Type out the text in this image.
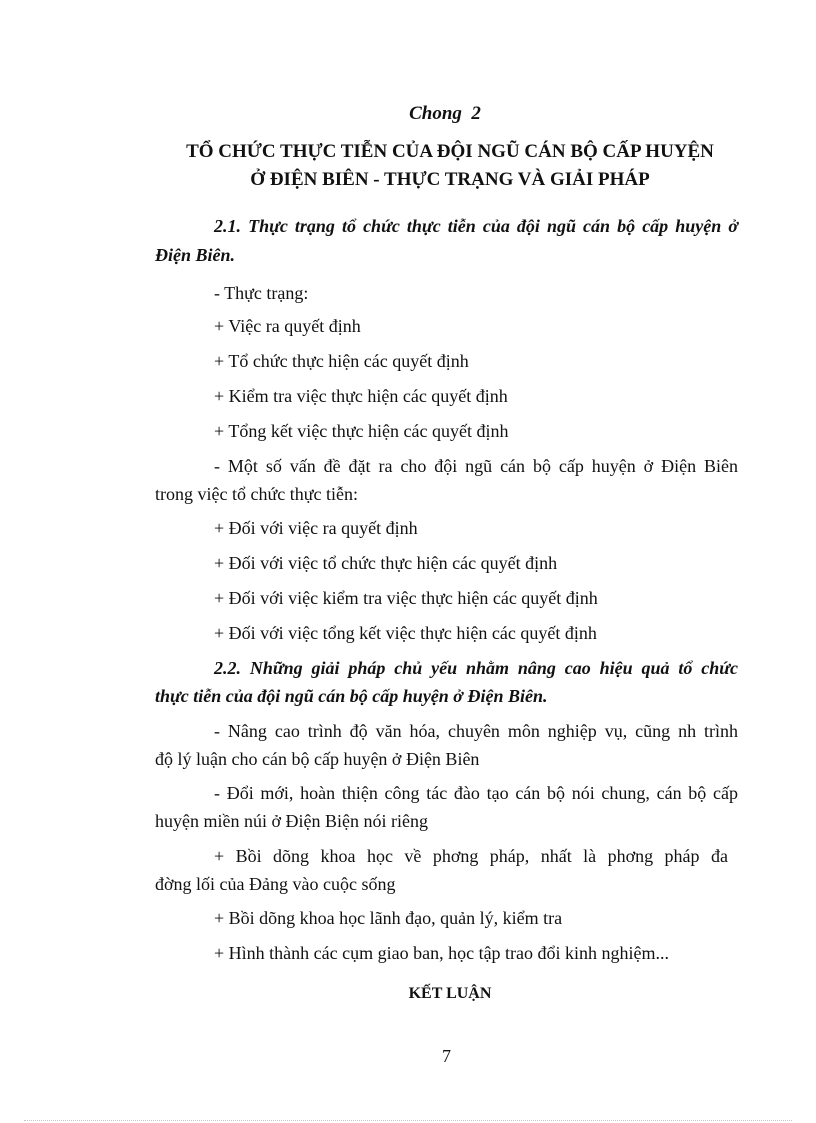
Chong  2
TỔ CHỨC THỰC TIỄN CỦA ĐỘI NGŨ CÁN BỘ CẤP HUYỆN
Ở ĐIỆN BIÊN - THỰC TRẠNG VÀ GIẢI PHÁP
2.1. Thực trạng tổ chức thực tiễn của đội ngũ cán bộ cấp huyện ở
Điện Biên.
- Thực trạng:
+ Việc ra quyết định
+ Tổ chức thực hiện các quyết định
+ Kiểm tra việc thực hiện các quyết định
+ Tổng kết việc thực hiện các quyết định
- Một số vấn đề đặt ra cho đội ngũ cán bộ cấp huyện ở Điện Biên
trong việc tổ chức thực tiễn:
+ Đối với việc ra quyết định
+ Đối với việc tổ chức thực hiện các quyết định
+ Đối với việc kiểm tra việc thực hiện các quyết định
+ Đối với việc tổng kết việc thực hiện các quyết định
2.2. Những giải pháp chủ yếu nhằm nâng cao hiệu quả tổ chức
thực tiễn của đội ngũ cán bộ cấp huyện ở Điện Biên.
- Nâng cao trình độ văn hóa, chuyên môn nghiệp vụ, cũng nh trình
độ lý luận cho cán bộ cấp huyện ở Điện Biên
- Đổi mới, hoàn thiện công tác đào tạo cán bộ nói chung, cán bộ cấp
huyện miền núi ở Điện Biện nói riêng
+ Bồi dõng khoa học về phơng pháp, nhất là phơng pháp đa
đờng lối của Đảng vào cuộc sống
+ Bồi dõng khoa học lãnh đạo, quản lý, kiểm tra
+ Hình thành các cụm giao ban, học tập trao đổi kinh nghiệm...
KẾT LUẬN
7
